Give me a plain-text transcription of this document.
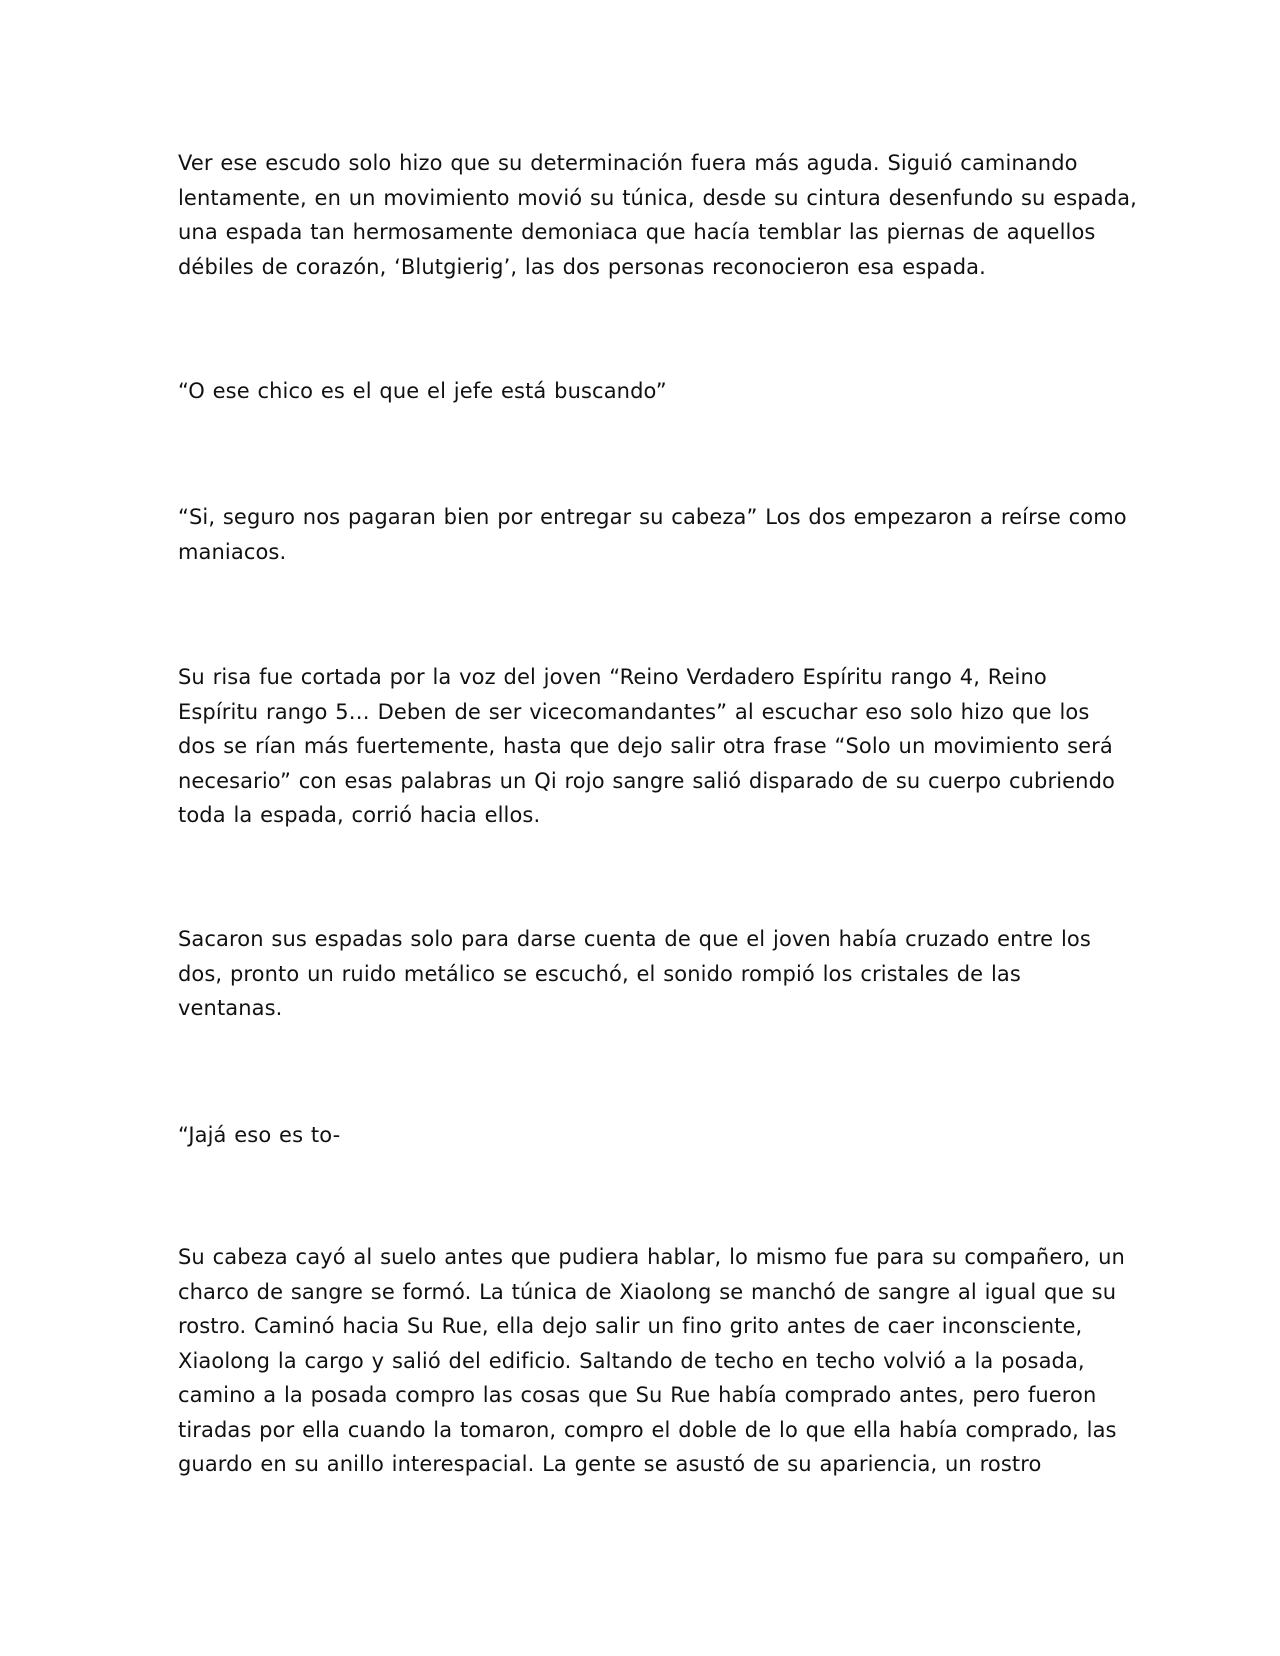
Ver ese escudo solo hizo que su determinación fuera más aguda. Siguió caminando
lentamente, en un movimiento movió su túnica, desde su cintura desenfundo su espada,
una espada tan hermosamente demoniaca que hacía temblar las piernas de aquellos
débiles de corazón, ‘Blutgierig’, las dos personas reconocieron esa espada.
“O ese chico es el que el jefe está buscando”
“Si, seguro nos pagaran bien por entregar su cabeza” Los dos empezaron a reírse como
maniacos.
Su risa fue cortada por la voz del joven “Reino Verdadero Espíritu rango 4, Reino
Espíritu rango 5… Deben de ser vicecomandantes” al escuchar eso solo hizo que los
dos se rían más fuertemente, hasta que dejo salir otra frase “Solo un movimiento será
necesario” con esas palabras un Qi rojo sangre salió disparado de su cuerpo cubriendo
toda la espada, corrió hacia ellos.
Sacaron sus espadas solo para darse cuenta de que el joven había cruzado entre los
dos, pronto un ruido metálico se escuchó, el sonido rompió los cristales de las
ventanas.
“Jajá eso es to-
Su cabeza cayó al suelo antes que pudiera hablar, lo mismo fue para su compañero, un
charco de sangre se formó. La túnica de Xiaolong se manchó de sangre al igual que su
rostro. Caminó hacia Su Rue, ella dejo salir un fino grito antes de caer inconsciente,
Xiaolong la cargo y salió del edificio. Saltando de techo en techo volvió a la posada,
camino a la posada compro las cosas que Su Rue había comprado antes, pero fueron
tiradas por ella cuando la tomaron, compro el doble de lo que ella había comprado, las
guardo en su anillo interespacial. La gente se asustó de su apariencia, un rostro
